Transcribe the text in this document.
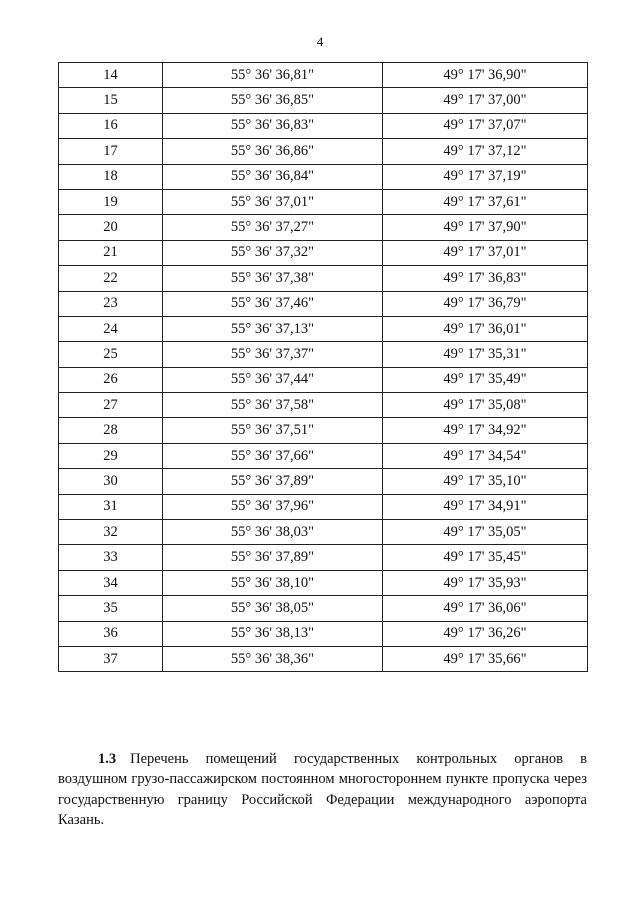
4
14	55° 36' 36,81"	49° 17' 36,90"
15	55° 36' 36,85"	49° 17' 37,00"
16	55° 36' 36,83"	49° 17' 37,07"
17	55° 36' 36,86"	49° 17' 37,12"
18	55° 36' 36,84"	49° 17' 37,19"
19	55° 36' 37,01"	49° 17' 37,61"
20	55° 36' 37,27"	49° 17' 37,90"
21	55° 36' 37,32"	49° 17' 37,01"
22	55° 36' 37,38"	49° 17' 36,83"
23	55° 36' 37,46"	49° 17' 36,79"
24	55° 36' 37,13"	49° 17' 36,01"
25	55° 36' 37,37"	49° 17' 35,31"
26	55° 36' 37,44"	49° 17' 35,49"
27	55° 36' 37,58"	49° 17' 35,08"
28	55° 36' 37,51"	49° 17' 34,92"
29	55° 36' 37,66"	49° 17' 34,54"
30	55° 36' 37,89"	49° 17' 35,10"
31	55° 36' 37,96"	49° 17' 34,91"
32	55° 36' 38,03"	49° 17' 35,05"
33	55° 36' 37,89"	49° 17' 35,45"
34	55° 36' 38,10"	49° 17' 35,93"
35	55° 36' 38,05"	49° 17' 36,06"
36	55° 36' 38,13"	49° 17' 36,26"
37	55° 36' 38,36"	49° 17' 35,66"

1.3 Перечень помещений государственных контрольных органов в воздушном грузо-пассажирском постоянном многостороннем пункте пропуска через государственную границу Российской Федерации международного аэропорта Казань.
